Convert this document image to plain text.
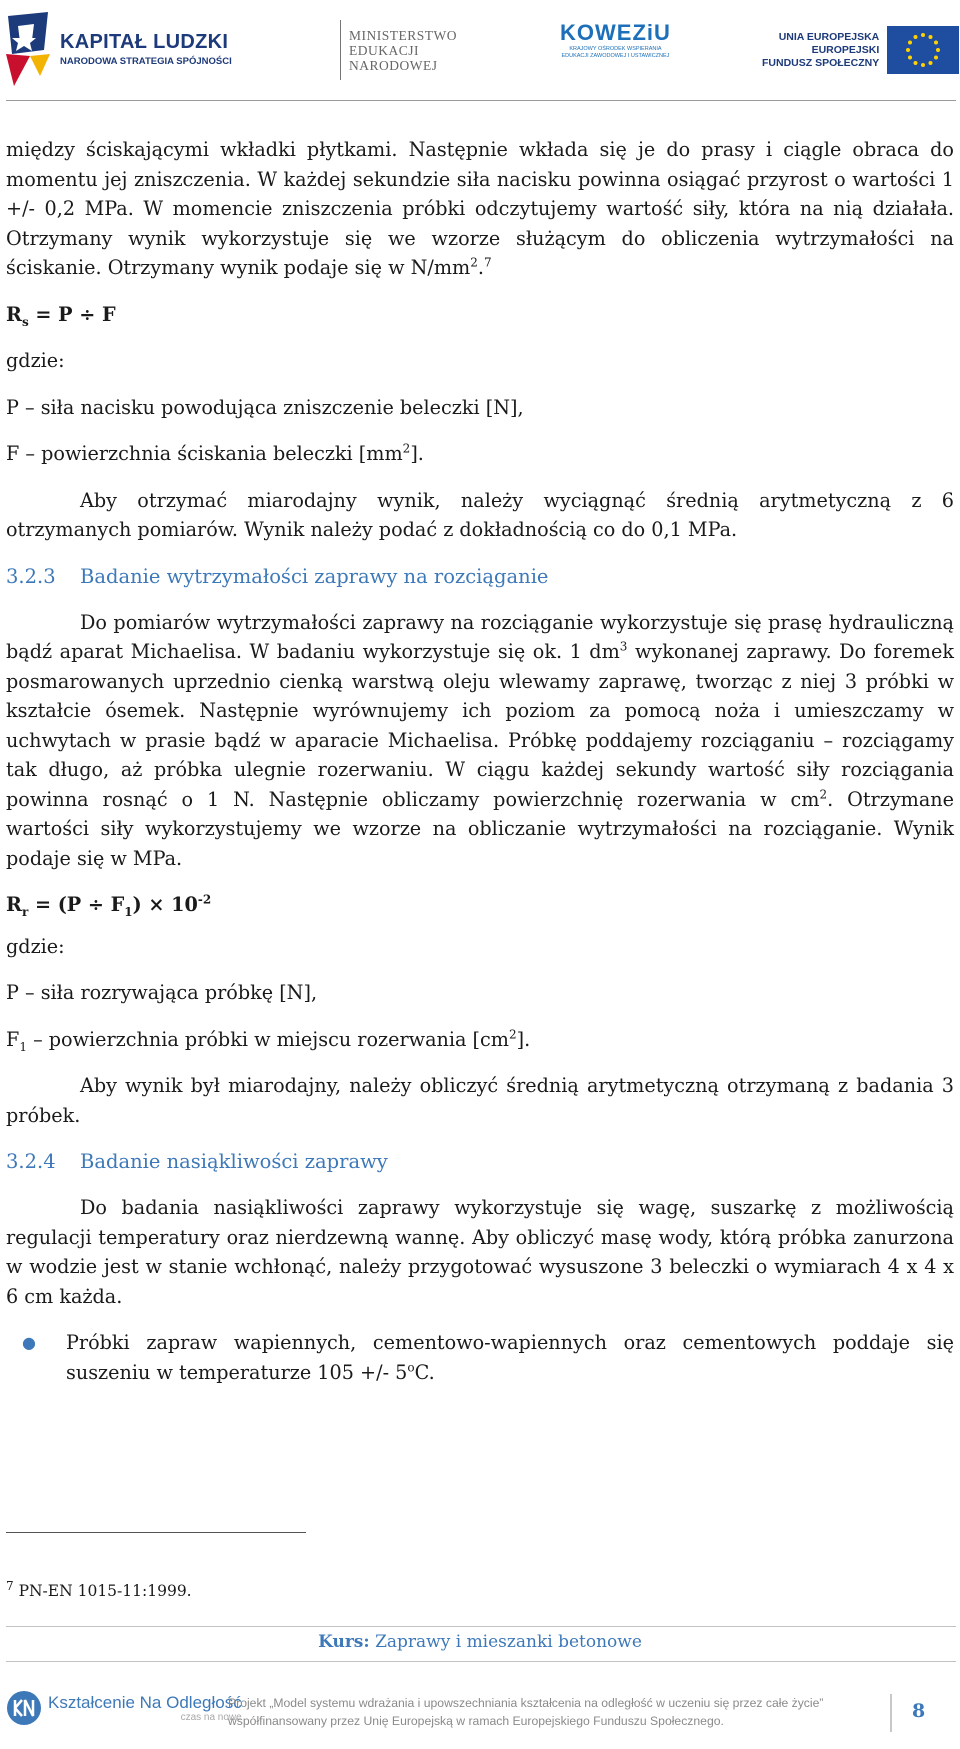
KAPITAŁ LUDZKI
NARODOWA STRATEGIA SPÓJNOŚCI
MINISTERSTWO
EDUKACJI
NARODOWEJ
KOWEZiU
KRAJOWY OŚRODEK WSPIERANIA
EDUKACJI ZAWODOWEJ I USTAWICZNEJ
UNIA EUROPEJSKA
EUROPEJSKI
FUNDUSZ SPOŁECZNY

między ściskającymi wkładki płytkami. Następnie wkłada się je do prasy i ciągle obraca do momentu jej zniszczenia. W każdej sekundzie siła nacisku powinna osiągać przyrost o wartości 1 +/- 0,2 MPa. W momencie zniszczenia próbki odczytujemy wartość siły, która na nią działała. Otrzymany wynik wykorzystuje się we wzorze służącym do obliczenia wytrzymałości na ściskanie. Otrzymany wynik podaje się w $N/mm^2.^7$

$R_s = P \div F$

gdzie:

P – siła nacisku powodująca zniszczenie beleczki [N],

F – powierzchnia ściskania beleczki $[mm^2]$.

Aby otrzymać miarodajny wynik, należy wyciągnąć średnią arytmetyczną z 6 otrzymanych pomiarów. Wynik należy podać z dokładnością co do 0,1 MPa.

3.2.3	Badanie wytrzymałości zaprawy na rozciąganie

Do pomiarów wytrzymałości zaprawy na rozciąganie wykorzystuje się prasę hydrauliczną bądź aparat Michaelisa. W badaniu wykorzystuje się ok. 1 $dm^3$ wykonanej zaprawy. Do foremek posmarowanych uprzednio cienką warstwą oleju wlewamy zaprawę, tworząc z niej 3 próbki w kształcie ósemek. Następnie wyrównujemy ich poziom za pomocą noża i umieszczamy w uchwytach w prasie bądź w aparacie Michaelisa. Próbkę poddajemy rozciąganiu – rozciągamy tak długo, aż próbka ulegnie rozerwaniu. W ciągu każdej sekundy wartość siły rozciągania powinna rosnąć o 1 N. Następnie obliczamy powierzchnię rozerwania w $cm^2$. Otrzymane wartości siły wykorzystujemy we wzorze na obliczanie wytrzymałości na rozciąganie. Wynik podaje się w MPa.

$R_r = (P \div F_1) \times 10^{-2}$

gdzie:

P – siła rozrywająca próbkę [N],

$F_1$ – powierzchnia próbki w miejscu rozerwania $[cm^2]$.

Aby wynik był miarodajny, należy obliczyć średnią arytmetyczną otrzymaną z badania 3 próbek.

3.2.4	Badanie nasiąkliwości zaprawy

Do badania nasiąkliwości zaprawy wykorzystuje się wagę, suszarkę z możliwością regulacji temperatury oraz nierdzewną wannę. Aby obliczyć masę wody, którą próbka zanurzona w wodzie jest w stanie wchłonąć, należy przygotować wysuszone 3 beleczki o wymiarach 4 x 4 x 6 cm każda.

●	Próbki zapraw wapiennych, cementowo-wapiennych oraz cementowych poddaje się suszeniu w temperaturze 105 +/- 5$^o$C.
$^7$ PN-EN 1015-11:1999.
Kurs: Zaprawy i mieszanki betonowe
Kształcenie Na Odległość
czas na nowe
Projekt „Model systemu wdrażania i upowszechniania kształcenia na odległość w uczeniu się przez całe życie”
współfinansowany przez Unię Europejską w ramach Europejskiego Funduszu Społecznego.	8
